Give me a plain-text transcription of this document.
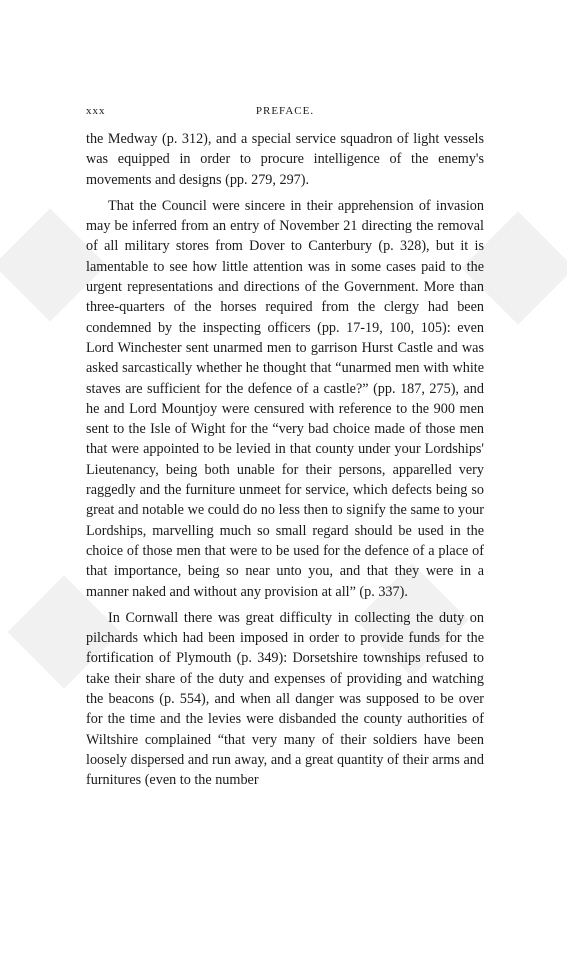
xxx	PREFACE.

the Medway (p. 312), and a special service squadron of light vessels was equipped in order to procure intelligence of the enemy's movements and designs (pp. 279, 297).

That the Council were sincere in their apprehension of invasion may be inferred from an entry of November 21 directing the removal of all military stores from Dover to Canterbury (p. 328), but it is lamentable to see how little attention was in some cases paid to the urgent representations and directions of the Government. More than three-quarters of the horses required from the clergy had been condemned by the inspecting officers (pp. 17-19, 100, 105): even Lord Winchester sent unarmed men to garrison Hurst Castle and was asked sarcastically whether he thought that “unarmed men with white staves are sufficient for the defence of a castle?” (pp. 187, 275), and he and Lord Mountjoy were censured with reference to the 900 men sent to the Isle of Wight for the “very bad choice made of those men that were appointed to be levied in that county under your Lordships' Lieutenancy, being both unable for their persons, apparelled very raggedly and the furniture unmeet for service, which defects being so great and notable we could do no less then to signify the same to your Lordships, marvelling much so small regard should be used in the choice of those men that were to be used for the defence of a place of that importance, being so near unto you, and that they were in a manner naked and without any provision at all” (p. 337).

In Cornwall there was great difficulty in collecting the duty on pilchards which had been imposed in order to provide funds for the fortification of Plymouth (p. 349): Dorsetshire townships refused to take their share of the duty and expenses of providing and watching the beacons (p. 554), and when all danger was supposed to be over for the time and the levies were disbanded the county authorities of Wiltshire complained “that very many of their soldiers have been loosely dispersed and run away, and a great quantity of their arms and furnitures (even to the number
